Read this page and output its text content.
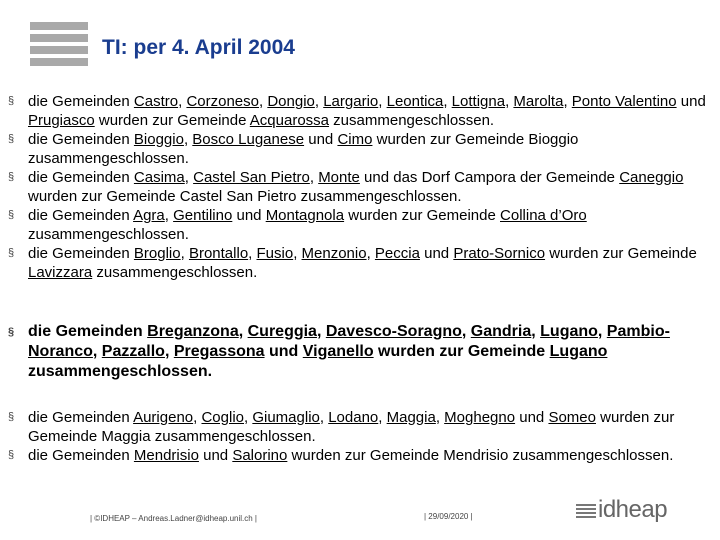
TI: per 4. April 2004
§ die Gemeinden Castro, Corzoneso, Dongio, Largario, Leontica, Lottigna, Marolta, Ponto Valentino und Prugiasco wurden zur Gemeinde Acquarossa zusammengeschlossen.
§ die Gemeinden Bioggio, Bosco Luganese und Cimo wurden zur Gemeinde Bioggio zusammengeschlossen.
§ die Gemeinden Casima, Castel San Pietro, Monte und das Dorf Campora der Gemeinde Caneggio wurden zur Gemeinde Castel San Pietro zusammengeschlossen.
§ die Gemeinden Agra, Gentilino und Montagnola wurden zur Gemeinde Collina d’Oro zusammengeschlossen.
§ die Gemeinden Broglio, Brontallo, Fusio, Menzonio, Peccia und Prato-Sornico wurden zur Gemeinde Lavizzara zusammengeschlossen.
§ die Gemeinden Breganzona, Cureggia, Davesco-Soragno, Gandria, Lugano, Pambio-Noranco, Pazzallo, Pregassona und Viganello wurden zur Gemeinde Lugano zusammengeschlossen.
§ die Gemeinden Aurigeno, Coglio, Giumaglio, Lodano, Maggia, Moghegno und Someo wurden zur Gemeinde Maggia zusammengeschlossen.
§ die Gemeinden Mendrisio und Salorino wurden zur Gemeinde Mendrisio zusammengeschlossen.
| ©IDHEAP – Andreas.Ladner@idheap.unil.ch |	| 29/09/2020 |	idheap
